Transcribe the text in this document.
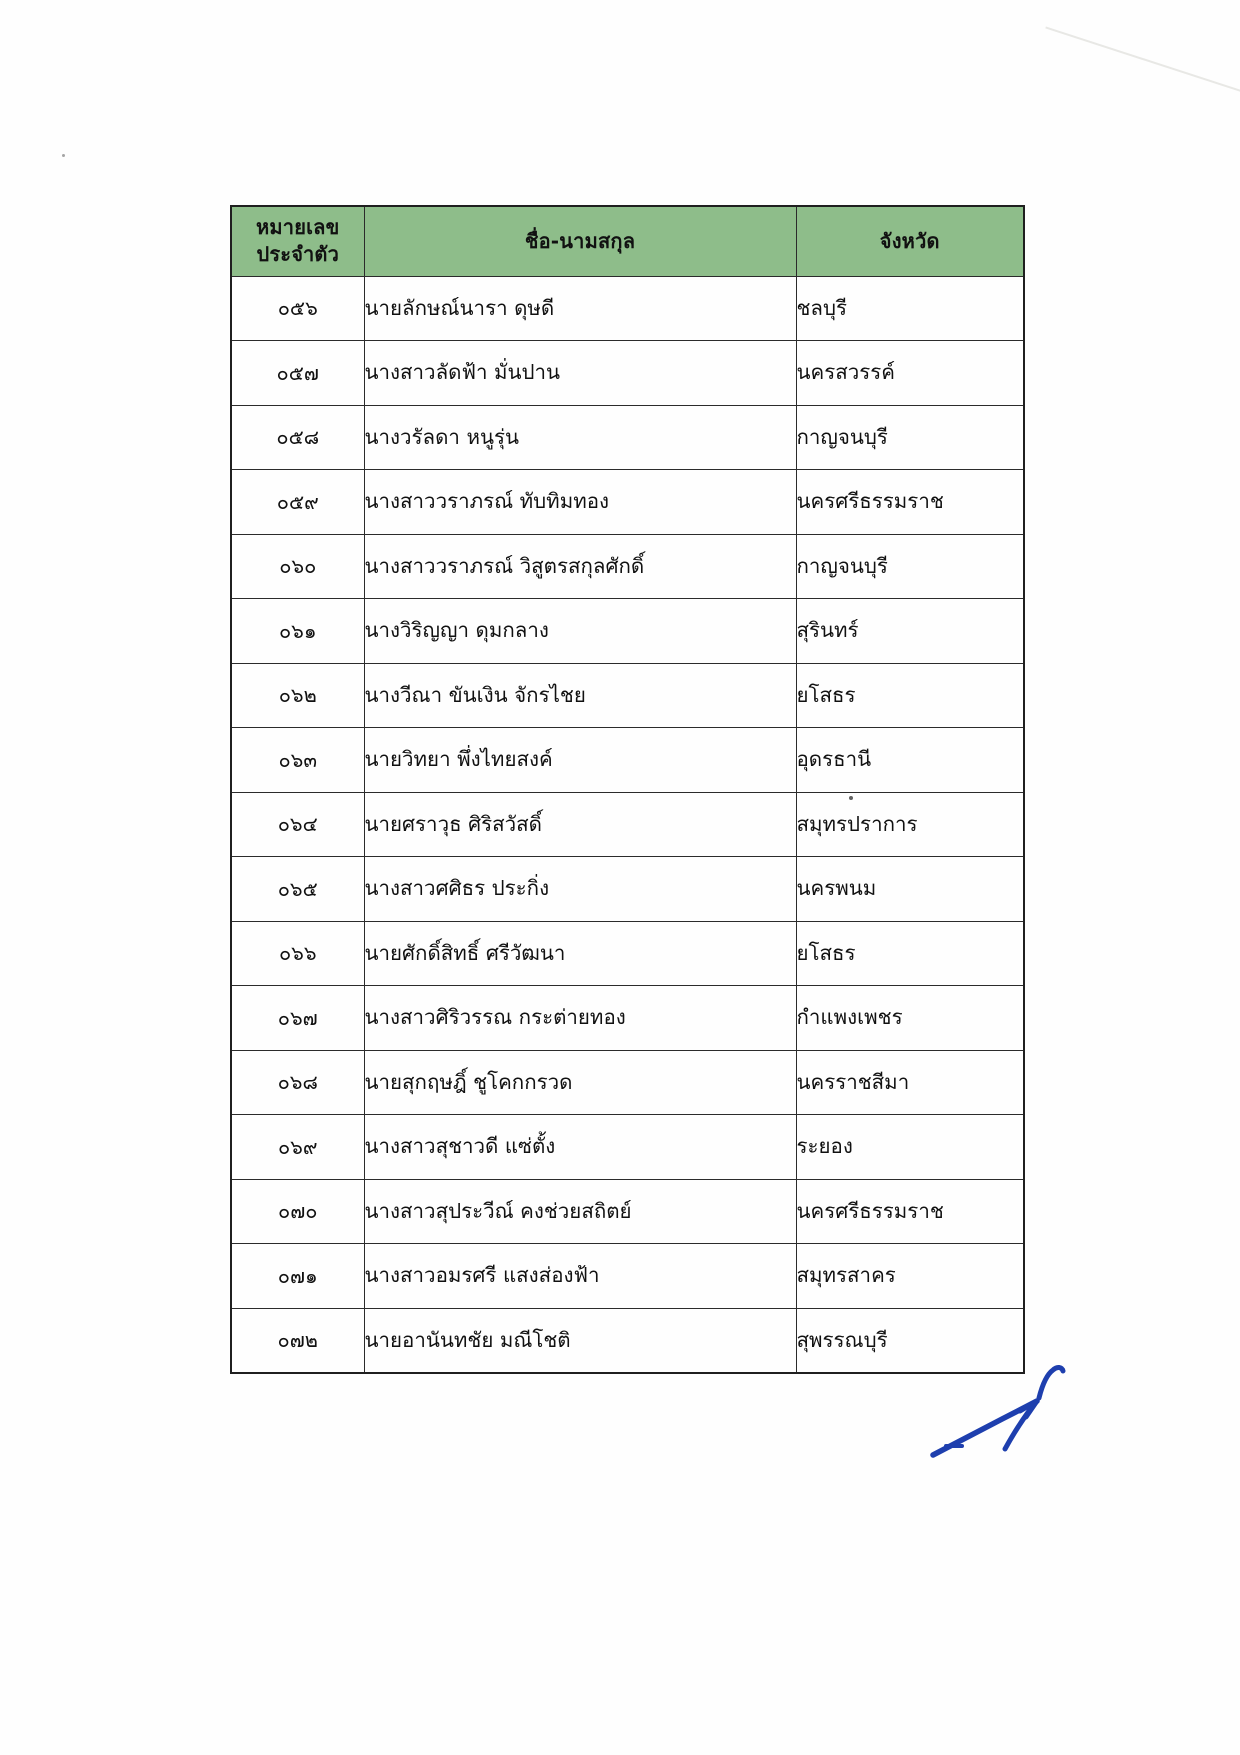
หมายเลข
ประจำตัว	ชื่อ-นามสกุล	จังหวัด
๐๕๖	นายลักษณ์นารา ดุษดี	ชลบุรี
๐๕๗	นางสาวลัดฟ้า มั่นปาน	นครสวรรค์
๐๕๘	นางวรัลดา หนูรุ่น	กาญจนบุรี
๐๕๙	นางสาววราภรณ์ ทับทิมทอง	นครศรีธรรมราช
๐๖๐	นางสาววราภรณ์ วิสูตรสกุลศักดิ์	กาญจนบุรี
๐๖๑	นางวิริญญา ดุมกลาง	สุรินทร์
๐๖๒	นางวีณา ขันเงิน จักรไชย	ยโสธร
๐๖๓	นายวิทยา พึ่งไทยสงค์	อุดรธานี
๐๖๔	นายศราวุธ ศิริสวัสดิ์	สมุทรปราการ
๐๖๕	นางสาวศศิธร ประกิ่ง	นครพนม
๐๖๖	นายศักดิ์สิทธิ์ ศรีวัฒนา	ยโสธร
๐๖๗	นางสาวศิริวรรณ กระต่ายทอง	กำแพงเพชร
๐๖๘	นายสุกฤษฎิ์ ชูโคกกรวด	นครราชสีมา
๐๖๙	นางสาวสุชาวดี แซ่ตั้ง	ระยอง
๐๗๐	นางสาวสุประวีณ์ คงช่วยสถิตย์	นครศรีธรรมราช
๐๗๑	นางสาวอมรศรี แสงส่องฟ้า	สมุทรสาคร
๐๗๒	นายอานันทชัย มณีโชติ	สุพรรณบุรี
